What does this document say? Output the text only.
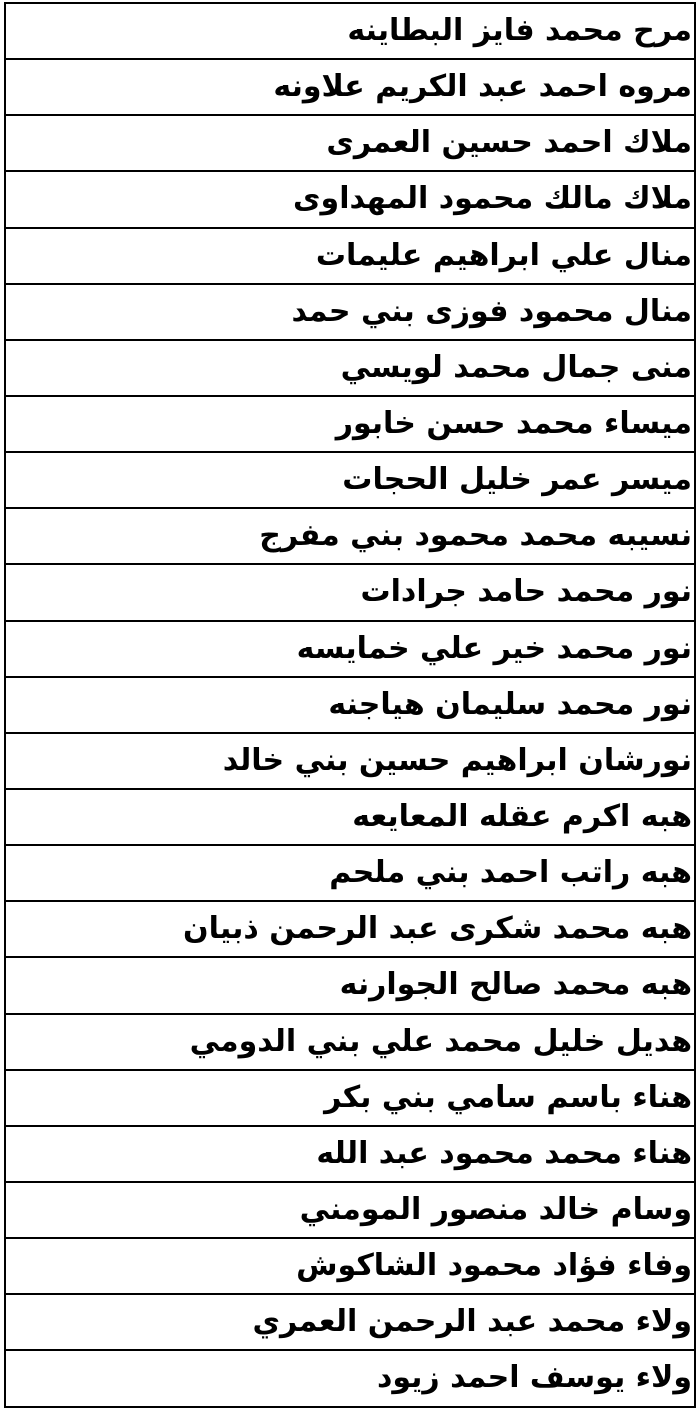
مرح محمد فايز البطاينه
مروه احمد عبد الكريم علاونه
ملاك احمد حسين العمرى
ملاك مالك محمود المهداوى
منال علي ابراهيم عليمات
منال محمود فوزى بني حمد
منى جمال محمد لويسي
ميساء محمد حسن خابور
ميسر عمر خليل الحجات
نسيبه محمد محمود بني مفرج
نور محمد حامد جرادات
نور محمد خير علي خمايسه
نور محمد سليمان هياجنه
نورشان ابراهيم حسين بني خالد
هبه اكرم عقله المعايعه
هبه راتب احمد بني ملحم
هبه محمد شكرى عبد الرحمن ذبيان
هبه محمد صالح الجوارنه
هديل خليل محمد علي بني الدومي
هناء باسم سامي بني بكر
هناء محمد محمود عبد الله
وسام خالد منصور المومني
وفاء فؤاد محمود الشاكوش
ولاء محمد عبد الرحمن العمري
ولاء يوسف احمد زيود
